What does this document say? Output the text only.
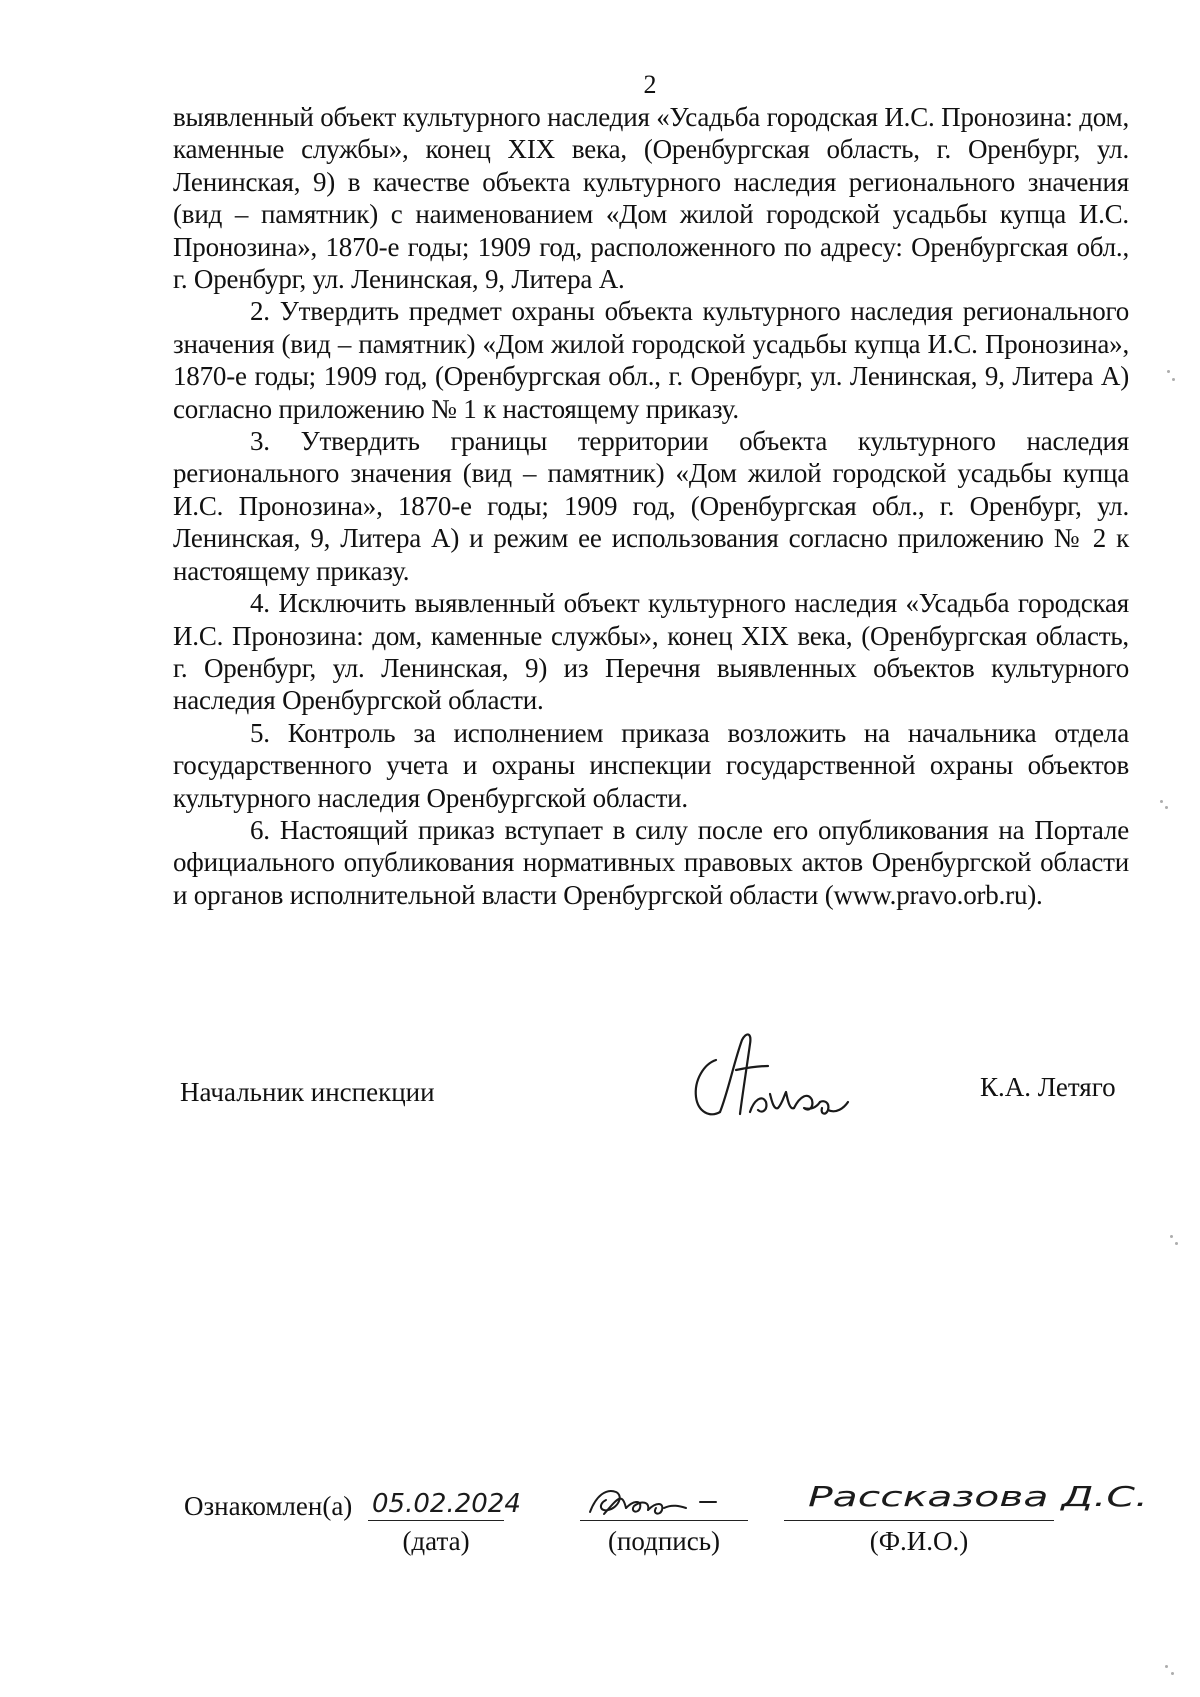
2

выявленный объект культурного наследия «Усадьба городская И.С. Пронозина: дом, каменные службы», конец XIX века, (Оренбургская область, г. Оренбург, ул. Ленинская, 9) в качестве объекта культурного наследия регионального значения (вид – памятник) с наименованием «Дом жилой городской усадьбы купца И.С. Пронозина», 1870-е годы; 1909 год, расположенного по адресу: Оренбургская обл., г. Оренбург, ул. Ленинская, 9, Литера А.

2. Утвердить предмет охраны объекта культурного наследия регионального значения (вид – памятник) «Дом жилой городской усадьбы купца И.С. Пронозина», 1870-е годы; 1909 год, (Оренбургская обл., г. Оренбург, ул. Ленинская, 9, Литера А) согласно приложению № 1 к настоящему приказу.

3. Утвердить границы территории объекта культурного наследия регионального значения (вид – памятник) «Дом жилой городской усадьбы купца И.С. Пронозина», 1870-е годы; 1909 год, (Оренбургская обл., г. Оренбург, ул. Ленинская, 9, Литера А) и режим ее использования согласно приложению № 2 к настоящему приказу.

4. Исключить выявленный объект культурного наследия «Усадьба городская И.С. Пронозина: дом, каменные службы», конец XIX века, (Оренбургская область, г. Оренбург, ул. Ленинская, 9) из Перечня выявленных объектов культурного наследия Оренбургской области.

5. Контроль за исполнением приказа возложить на начальника отдела государственного учета и охраны инспекции государственной охраны объектов культурного наследия Оренбургской области.

6. Настоящий приказ вступает в силу после его опубликования на Портале официального опубликования нормативных правовых актов Оренбургской области и органов исполнительной власти Оренбургской области (www.pravo.orb.ru).

Начальник инспекции	К.А. Летяго
Ознакомлен(а) 05.02.2024	Рассказова Д.С.
(дата)	(подпись)	(Ф.И.О.)
